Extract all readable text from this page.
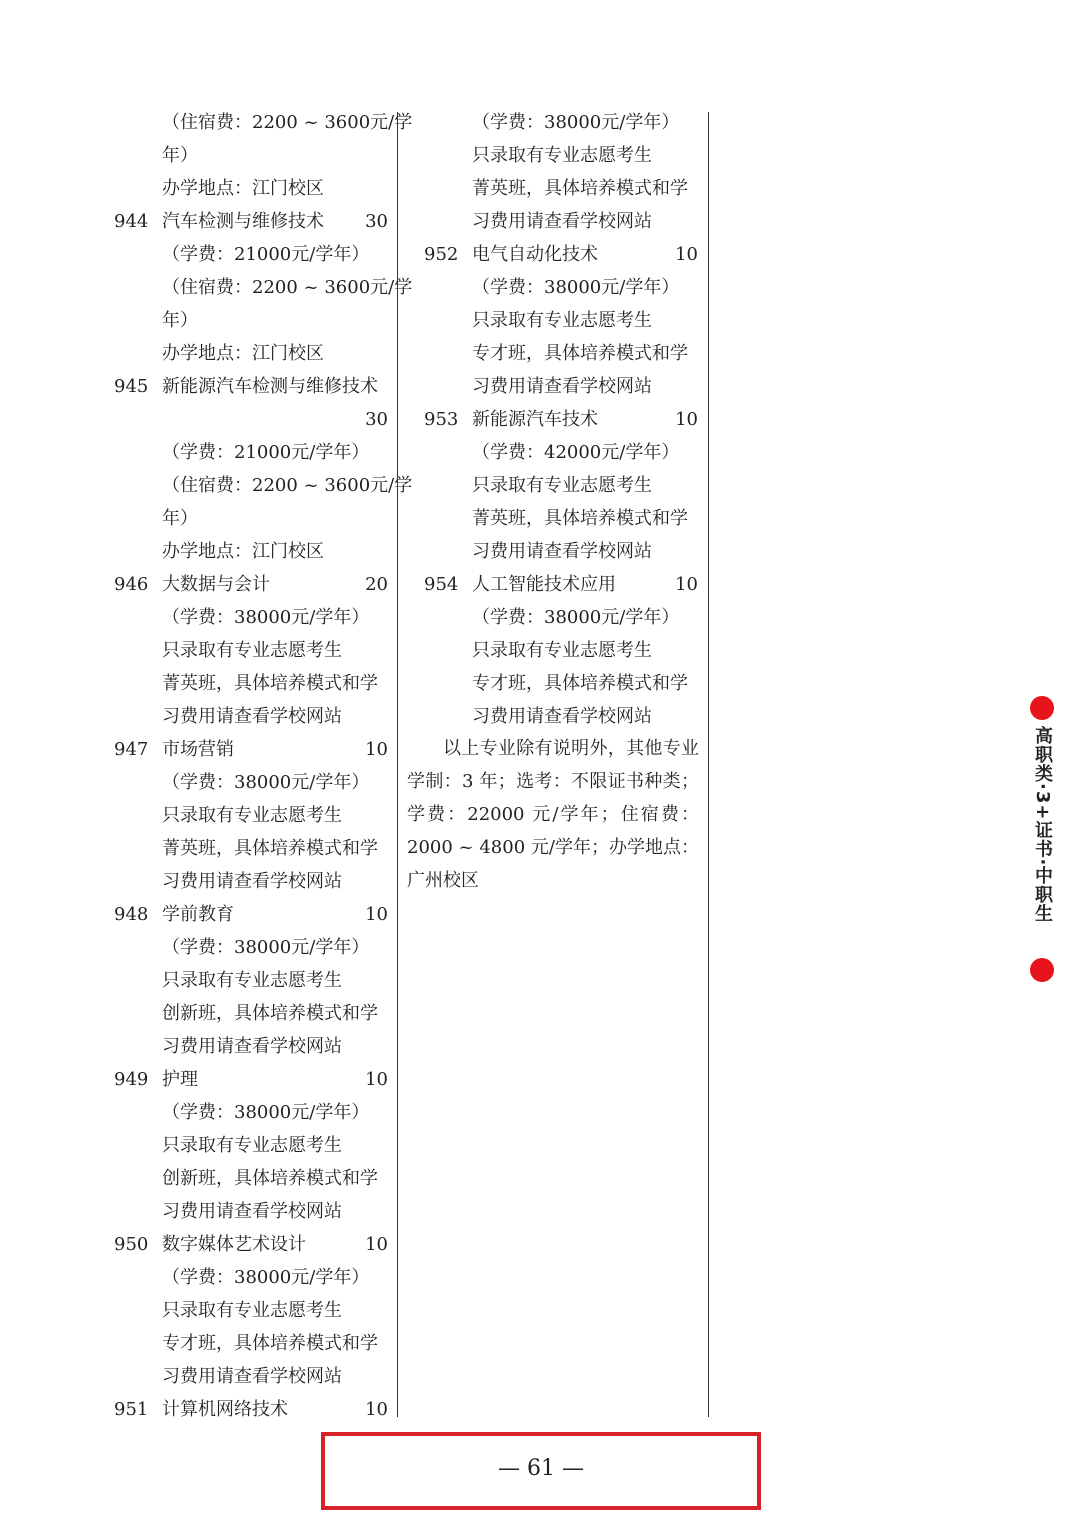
（住宿费：2200 ~ 3600元/学
年）
办学地点：江门校区
944 汽车检测与维修技术 30
（学费：21000元/学年）
（住宿费：2200 ~ 3600元/学
年）
办学地点：江门校区
945 新能源汽车检测与维修技术
30
（学费：21000元/学年）
（住宿费：2200 ~ 3600元/学
年）
办学地点：江门校区
946 大数据与会计	20
（学费：38000元/学年）
只录取有专业志愿考生
菁英班，具体培养模式和学
习费用请查看学校网站
947 市场营销	10
（学费：38000元/学年）
只录取有专业志愿考生
菁英班，具体培养模式和学
习费用请查看学校网站
948 学前教育	10
（学费：38000元/学年）
只录取有专业志愿考生
创新班，具体培养模式和学
习费用请查看学校网站
949 护理	10
（学费：38000元/学年）
只录取有专业志愿考生
创新班，具体培养模式和学
习费用请查看学校网站
950 数字媒体艺术设计	10
（学费：38000元/学年）
只录取有专业志愿考生
专才班，具体培养模式和学
习费用请查看学校网站
951 计算机网络技术	10
（学费：38000元/学年）
只录取有专业志愿考生
菁英班，具体培养模式和学
习费用请查看学校网站
952 电气自动化技术	10
（学费：38000元/学年）
只录取有专业志愿考生
专才班，具体培养模式和学
习费用请查看学校网站
953 新能源汽车技术	10
（学费：42000元/学年）
只录取有专业志愿考生
菁英班，具体培养模式和学
习费用请查看学校网站
954 人工智能技术应用	10
（学费：38000元/学年）
只录取有专业志愿考生
专才班，具体培养模式和学
习费用请查看学校网站
以上专业除有说明外，其他专业学制：3 年；选考：不限证书种类；学费：22000 元/学年；住宿费：2000 ~ 4800 元/学年；办学地点：广州校区	高职类·3+证书·中职生
— 61 —
